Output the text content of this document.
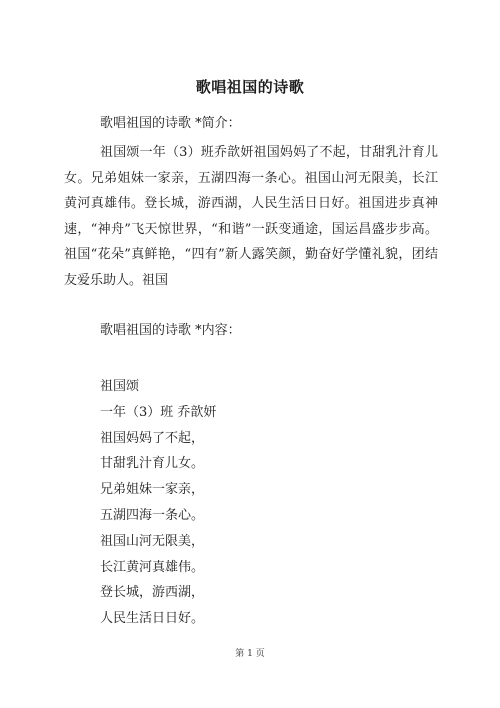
歌唱祖国的诗歌
歌唱祖国的诗歌 *简介：

祖国颂一年（3）班乔歆妍祖国妈妈了不起，甘甜乳汁育儿女。兄弟姐妹一家亲，五湖四海一条心。祖国山河无限美，长江黄河真雄伟。登长城，游西湖，人民生活日日好。祖国进步真神速，“神舟”飞天惊世界，“和谐”一跃变通途，国运昌盛步步高。祖国“花朵”真鲜艳，“四有”新人露笑颜，勤奋好学懂礼貌，团结友爱乐助人。祖国

歌唱祖国的诗歌 *内容：
祖国颂
一年（3）班 乔歆妍
祖国妈妈了不起，
甘甜乳汁育儿女。
兄弟姐妹一家亲，
五湖四海一条心。
祖国山河无限美，
长江黄河真雄伟。
登长城，游西湖，
人民生活日日好。
第 1 页
